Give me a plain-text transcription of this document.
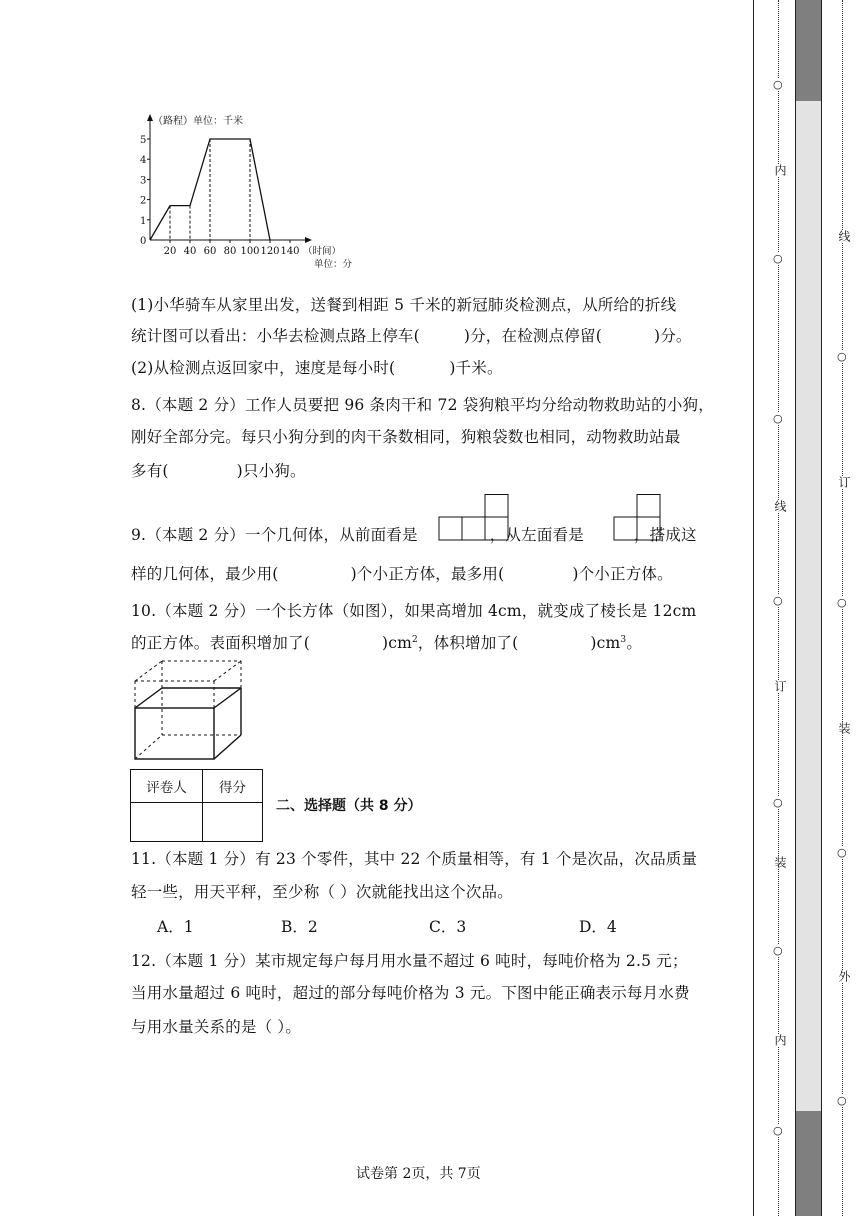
（路程）单位：千米
0
1
2
3
4
5
20 40 60 80 100 120 140 （时间）
单位：分
(1)小华骑车从家里出发，送餐到相距 5 千米的新冠肺炎检测点，从所给的折线
统计图可以看出：小华去检测点路上停车(	)分，在检测点停留(	)分。
(2)从检测点返回家中，速度是每小时(	)千米。
8.（本题 2 分）工作人员要把 96 条肉干和 72 袋狗粮平均分给动物救助站的小狗，
刚好全部分完。每只小狗分到的肉干条数相同，狗粮袋数也相同，动物救助站最
多有(	)只小狗。
9.（本题 2 分）一个几何体，从前面看是	，从左面看是	，搭成这
样的几何体，最少用(	)个小正方体，最多用(	)个小正方体。
10.（本题 2 分）一个长方体（如图），如果高增加 4cm，就变成了棱长是 12cm
的正方体。表面积增加了(	)$cm^2$，体积增加了(	)$cm^3$。
评卷人	得分

二、选择题（共 8 分）
11.（本题 1 分）有 23 个零件，其中 22 个质量相等，有 1 个是次品，次品质量
轻一些，用天平秤，至少称（ ）次就能找出这个次品。
A．1	B．2	C．3	D．4
12.（本题 1 分）某市规定每户每月用水量不超过 6 吨时，每吨价格为 2.5 元；
当用水量超过 6 吨时，超过的部分每吨价格为 3 元。下图中能正确表示每月水费
与用水量关系的是（ ）。
试卷第 2页，共 7页
○
○
○
○
○
○
○
内
线
订
装
内
○
○
○
○
线
订
装
外
